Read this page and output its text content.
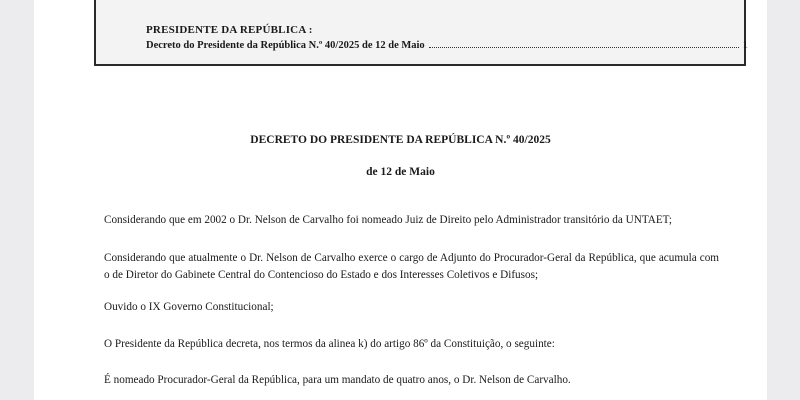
PRESIDENTE DA REPÚBLICA :
Decreto do Presidente da República N.º 40/2025 de 12 de Maio	1
DECRETO DO PRESIDENTE DA REPÚBLICA N.º 40/2025
de 12 de Maio
Considerando que em 2002 o Dr. Nelson de Carvalho foi nomeado Juiz de Direito pelo Administrador transitório da UNTAET;
Considerando que atualmente o Dr. Nelson de Carvalho exerce o cargo de Adjunto do Procurador-Geral da República, que acumula com o de Diretor do Gabinete Central do Contencioso do Estado e dos Interesses Coletivos e Difusos;
Ouvido o IX Governo Constitucional;
O Presidente da República decreta, nos termos da alinea k) do artigo 86º da Constituição, o seguinte:
É nomeado Procurador-Geral da República, para um mandato de quatro anos, o Dr. Nelson de Carvalho.
